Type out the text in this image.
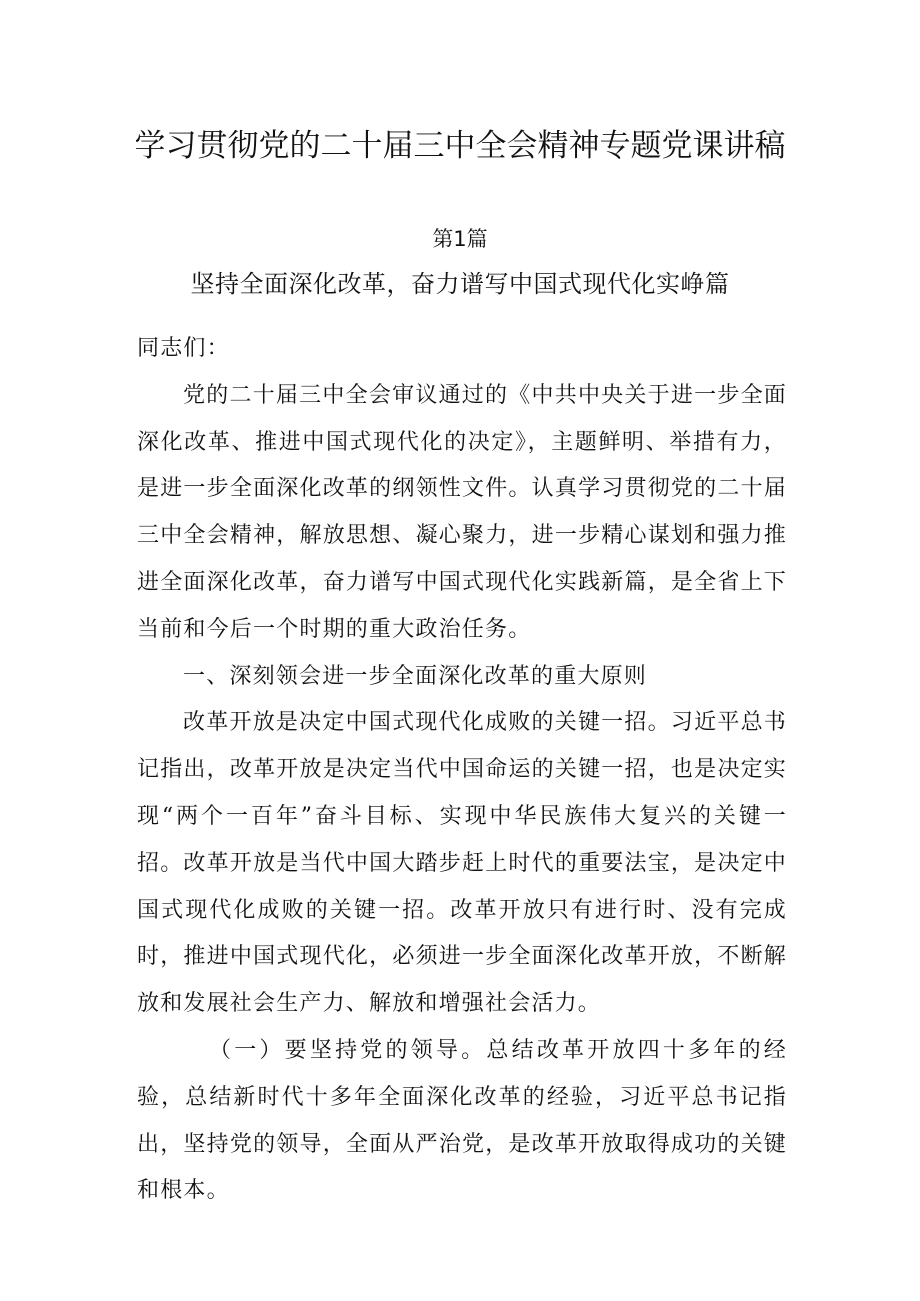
学习贯彻党的二十届三中全会精神专题党课讲稿
第1篇
坚持全面深化改革，奋力谱写中国式现代化实峥篇

同志们：

党的二十届三中全会审议通过的《中共中央关于进一步全面深化改革、推进中国式现代化的决定》，主题鲜明、举措有力，是进一步全面深化改革的纲领性文件。认真学习贯彻党的二十届三中全会精神，解放思想、凝心聚力，进一步精心谋划和强力推进全面深化改革，奋力谱写中国式现代化实践新篇，是全省上下当前和今后一个时期的重大政治任务。

一、深刻领会进一步全面深化改革的重大原则

改革开放是决定中国式现代化成败的关键一招。习近平总书记指出，改革开放是决定当代中国命运的关键一招，也是决定实现“两个一百年”奋斗目标、实现中华民族伟大复兴的关键一招。改革开放是当代中国大踏步赶上时代的重要法宝，是决定中国式现代化成败的关键一招。改革开放只有进行时、没有完成时，推进中国式现代化，必须进一步全面深化改革开放，不断解放和发展社会生产力、解放和增强社会活力。

（一）要坚持党的领导。总结改革开放四十多年的经验，总结新时代十多年全面深化改革的经验，习近平总书记指出，坚持党的领导，全面从严治党，是改革开放取得成功的关键和根本。
